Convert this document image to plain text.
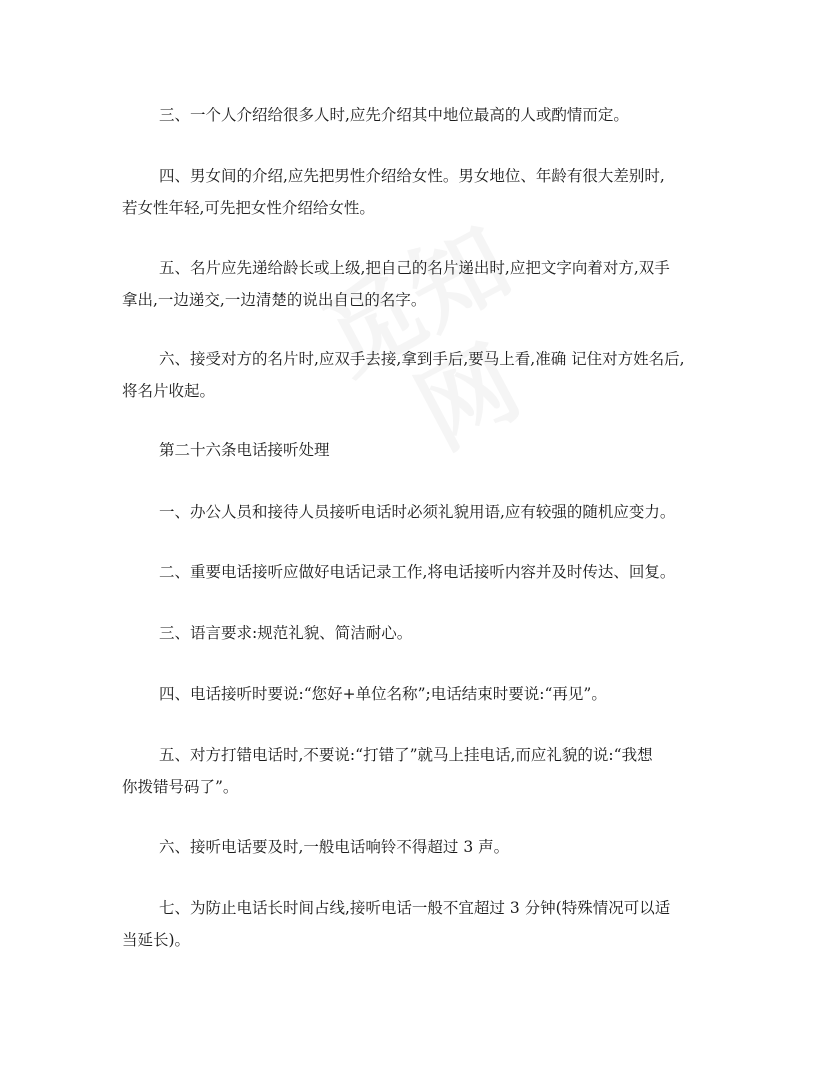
三、一个人介绍给很多人时,应先介绍其中地位最高的人或酌情而定。

四、男女间的介绍,应先把男性介绍给女性。男女地位、年龄有很大差别时,
若女性年轻,可先把女性介绍给女性。

五、名片应先递给龄长或上级,把自己的名片递出时,应把文字向着对方,双手
拿出,一边递交,一边清楚的说出自己的名字。

六、接受对方的名片时,应双手去接,拿到手后,要马上看,准确 记住对方姓名后,
将名片收起。

第二十六条电话接听处理

一、办公人员和接待人员接听电话时必须礼貌用语,应有较强的随机应变力。

二、重要电话接听应做好电话记录工作,将电话接听内容并及时传达、回复。

三、语言要求:规范礼貌、简洁耐心。

四、电话接听时要说:“您好+单位名称”;电话结束时要说:“再见”。

五、对方打错电话时,不要说:“打错了”就马上挂电话,而应礼貌的说:“我想
你拨错号码了”。

六、接听电话要及时,一般电话响铃不得超过 3 声。

七、为防止电话长时间占线,接听电话一般不宜超过 3 分钟(特殊情况可以适
当延长)。
